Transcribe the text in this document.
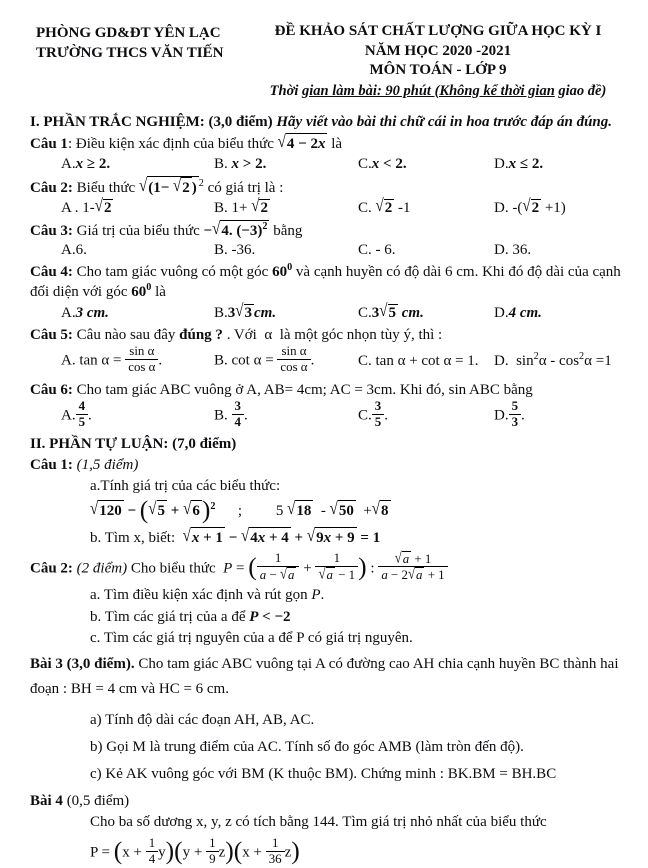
PHÒNG GD&ĐT YÊN LẠC
TRƯỜNG THCS VĂN TIẾN
ĐỀ KHẢO SÁT CHẤT LƯỢNG GIỮA HỌC KỲ I
NĂM HỌC 2020 -2021
MÔN TOÁN - LỚP 9
Thời gian làm bài: 90 phút (Không kể thời gian giao đề)
I. PHẦN TRẮC NGHIỆM: (3,0 điểm) Hãy viết vào bài thi chữ cái in hoa trước đáp án đúng.
Câu 1: Điều kiện xác định của biểu thức √4 − 2x là
A.x ≥ 2.	B. x > 2.	C.x < 2.	D.x ≤ 2.
Câu 2: Biểu thức √(1− √2 ) $^2$ có giá trị là :
A . 1-√2	B. 1+ √2	C. √2 -1	D. -(√2 +1)
Câu 3: Giá trị của biểu thức −√4. $(-3)^2$ bằng
A.6.	B. -36.	C. - 6.	D. 36.
Câu 4: Cho tam giác vuông có một góc $60^0$ và cạnh huyền có độ dài 6 cm. Khi đó độ dài của cạnh đối diện với góc $60^0$ là
A.3 cm.	B.3√3 cm.	C.3√5 cm.	D.4 cm.
Câu 5: Câu nào sau đây đúng ? . Với  α  là một góc nhọn tùy ý, thì :
A. $\tan \alpha = \frac{\text{sin α}}{\text{cos α}}$ .	B. $\cot \alpha = \frac{\text{sin α}}{\text{cos α}}$ .	C. tan α + cot α = 1.	D.  $\sin^2\alpha - \cos^2\alpha =1$
Câu 6: Cho tam giác ABC vuông ở A, AB= 4cm; AC = 3cm. Khi đó, sin ABC bằng
A. $\frac{4}{5}$ .	B. $\frac{3}{4}$ .	C. $\frac{3}{5}$ .	D. $\frac{5}{3}$ .
II. PHẦN TỰ LUẬN: (7,0 điểm)
Câu 1: (1,5 điểm)
a.Tính giá trị của các biểu thức:
$√120 - (√5 + √6)^2$      ;         5 √18  - √50  +√8
b. Tìm x, biết:  √x + 1 − √4x + 4 + √9x + 9 = 1
Câu 2: (2 điểm) Cho biểu thức  P = ( $\frac{1}{a - √a} + \frac{1}{√a - 1}$ ) : $\frac{√a + 1}{a - 2√a + 1}$
a. Tìm điều kiện xác định và rút gọn P.
b. Tìm các giá trị của a để P < −2
c. Tìm các giá trị nguyên của a để P có giá trị nguyên.
Bài 3 (3,0 điểm). Cho tam giác ABC vuông tại A có đường cao AH chia cạnh huyền BC thành hai đoạn : BH = 4 cm và HC = 6 cm.
a) Tính độ dài các đoạn AH, AB, AC.
b) Gọi M là trung điểm của AC. Tính số đo góc AMB (làm tròn đến độ).
c) Kẻ AK vuông góc với BM (K thuộc BM). Chứng minh : BK.BM = BH.BC
Bài 4 (0,5 điểm)
Cho ba số dương x, y, z có tích bằng 144. Tìm giá trị nhỏ nhất của biểu thức
$P = (x + \frac{1}{4} y)(y + \frac{1}{9} z)(x + \frac{1}{36} z)$
